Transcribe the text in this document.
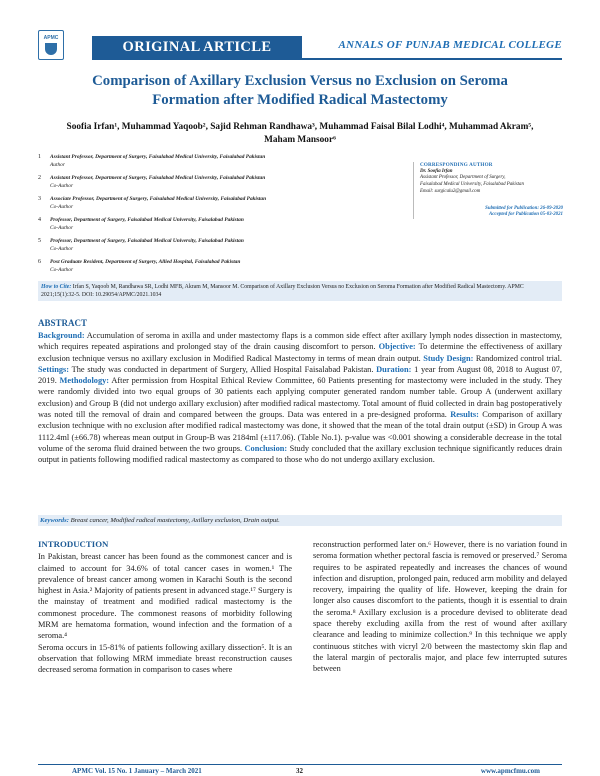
APMC
ORIGINAL ARTICLE	ANNALS OF PUNJAB MEDICAL COLLEGE
Comparison of Axillary Exclusion Versus no Exclusion on Seroma
Formation after Modified Radical Mastectomy
Soofia Irfan¹, Muhammad Yaqoob², Sajid Rehman Randhawa³, Muhammad Faisal Bilal Lodhi⁴, Muhammad Akram⁵,
Maham Mansoor⁶
1	Assistant Professor, Department of Surgery, Faisalabad Medical University, Faisalabad Pakistan
Author
2	Assistant Professor, Department of Surgery, Faisalabad Medical University, Faisalabad Pakistan
Co-Author
3	Associate Professor, Department of Surgery, Faisalabad Medical University, Faisalabad Pakistan
Co-Author
4	Professor, Department of Surgery, Faisalabad Medical University, Faisalabad Pakistan
Co-Author
5	Professor, Department of Surgery, Faisalabad Medical University, Faisalabad Pakistan
Co-Author
6	Post Graduate Resident, Department of Surgery, Allied Hospital, Faisalabad Pakistan
Co-Author
CORRESPONDING AUTHOR
Dr. Soofia Irfan
Assistant Professor, Department of Surgery,
Faisalabad Medical University, Faisalabad Pakistan
Email: surgicalu2@gmail.com
Submitted for Publication: 26-09-2020
Accepted for Publication 05-03-2021
How to Cite: Irfan S, Yaqoob M, Randhawa SR, Lodhi MFB, Akram M, Mansoor M. Comparison of Axillary Exclusion Versus no Exclusion on Seroma Formation after Modified Radical Mastectomy. APMC 2021;15(1):32-5. DOI: 10.29054/APMC/2021.1034
ABSTRACT
Background: Accumulation of seroma in axilla and under mastectomy flaps is a common side effect after axillary lymph nodes dissection in mastectomy, which requires repeated aspirations and prolonged stay of the drain causing discomfort to person. Objective: To determine the effectiveness of axillary exclusion technique versus no axillary exclusion in Modified Radical Mastectomy in terms of mean drain output. Study Design: Randomized control trial. Settings: The study was conducted in department of Surgery, Allied Hospital Faisalabad Pakistan. Duration: 1 year from August 08, 2018 to August 07, 2019. Methodology: After permission from Hospital Ethical Review Committee, 60 Patients presenting for mastectomy were included in the study. They were randomly divided into two equal groups of 30 patients each applying computer generated random number table. Group A (underwent axillary exclusion) and Group B (did not undergo axillary exclusion) after modified radical mastectomy. Total amount of fluid collected in drain bag postoperatively was noted till the removal of drain and compared between the groups. Data was entered in a pre-designed proforma. Results: Comparison of axillary exclusion technique with no exclusion after modified radical mastectomy was done, it showed that the mean of the total drain output (±SD) in Group A was 1112.4ml (±66.78) whereas mean output in Group-B was 2184ml (±117.06). (Table No.1). p-value was <0.001 showing a considerable decrease in the total volume of the seroma fluid drained between the two groups. Conclusion: Study concluded that the axillary exclusion technique significantly reduces drain output in patients following modified radical mastectomy as compared to those who do not undergo axillary exclusion.
Keywords: Breast cancer, Modified radical mastectomy, Axillary exclusion, Drain output.
INTRODUCTION

In Pakistan, breast cancer has been found as the commonest cancer and is claimed to account for 34.6% of total cancer cases in women.¹ The prevalence of breast cancer among women in Karachi South is the second highest in Asia.² Majority of patients present in advanced stage.¹⁷ Surgery is the mainstay of treatment and modified radical mastectomy is the commonest procedure. The commonest reasons of morbidity following MRM are hematoma formation, wound infection and the formation of a seroma.⁴

Seroma occurs in 15-81% of patients following axillary dissection⁵. It is an observation that following MRM immediate breast reconstruction causes decreased seroma formation in comparison to cases where

reconstruction performed later on.⁶ However, there is no variation found in seroma formation whether pectoral fascia is removed or preserved.⁷ Seroma requires to be aspirated repeatedly and increases the chances of wound infection and disruption, prolonged pain, reduced arm mobility and delayed recovery, impairing the quality of life. However, keeping the drain for longer also causes discomfort to the patients, though it is essential to drain the seroma.⁸ Axillary exclusion is a procedure devised to obliterate dead space thereby excluding axilla from the rest of wound after axillary clearance and leading to minimize collection.⁹ In this technique we apply continuous stitches with vicryl 2/0 between the mastectomy skin flap and the lateral margin of pectoralis major, and place few interrupted sutures between

APMC Vol. 15 No. 1 January – March 2021	32	www.apmcfmu.com
